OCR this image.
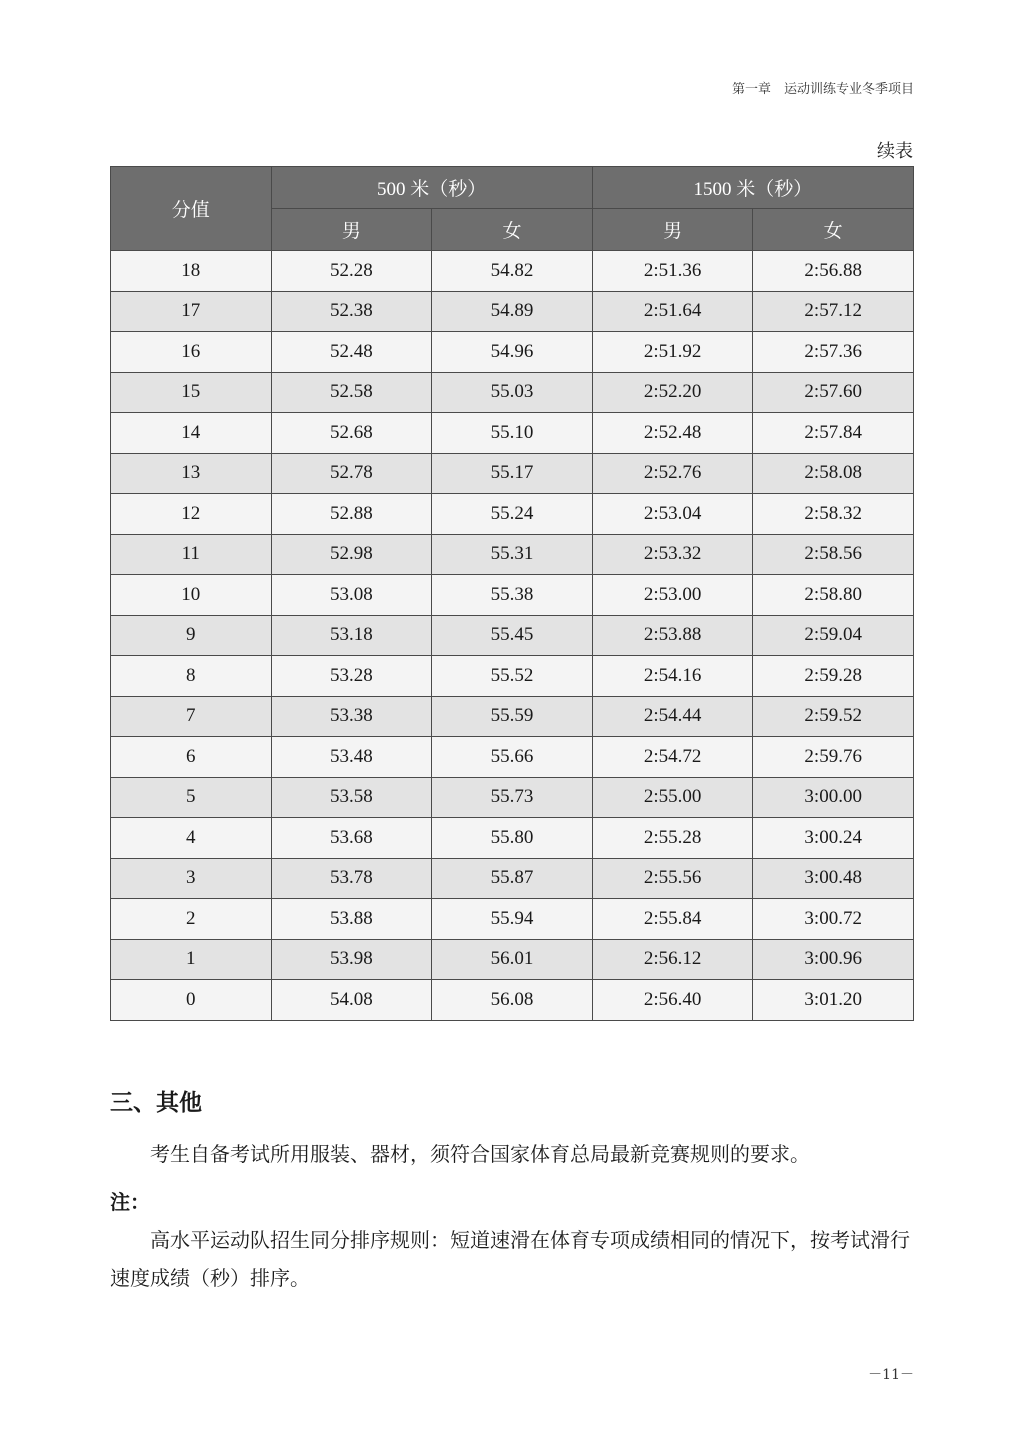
第一章　运动训练专业冬季项目
续表
分值	500 米（秒）		1500 米（秒）	
	男	女	男	女
18	52.28	54.82	2:51.36	2:56.88
17	52.38	54.89	2:51.64	2:57.12
16	52.48	54.96	2:51.92	2:57.36
15	52.58	55.03	2:52.20	2:57.60
14	52.68	55.10	2:52.48	2:57.84
13	52.78	55.17	2:52.76	2:58.08
12	52.88	55.24	2:53.04	2:58.32
11	52.98	55.31	2:53.32	2:58.56
10	53.08	55.38	2:53.00	2:58.80
9	53.18	55.45	2:53.88	2:59.04
8	53.28	55.52	2:54.16	2:59.28
7	53.38	55.59	2:54.44	2:59.52
6	53.48	55.66	2:54.72	2:59.76
5	53.58	55.73	2:55.00	3:00.00
4	53.68	55.80	2:55.28	3:00.24
3	53.78	55.87	2:55.56	3:00.48
2	53.88	55.94	2:55.84	3:00.72
1	53.98	56.01	2:56.12	3:00.96
0	54.08	56.08	2:56.40	3:01.20
三、其他
考生自备考试所用服装、器材，须符合国家体育总局最新竞赛规则的要求。
注：
高水平运动队招生同分排序规则：短道速滑在体育专项成绩相同的情况下，按考试滑行速度成绩（秒）排序。
－11－
